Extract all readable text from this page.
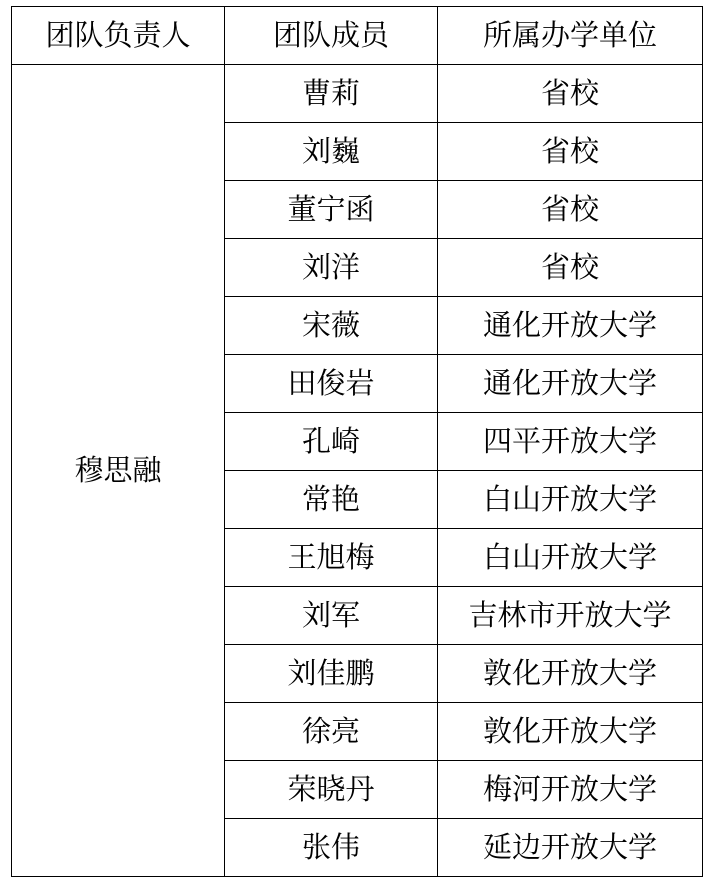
团队负责人	团队成员	所属办学单位
穆思融	曹莉	省校
	刘巍	省校
	董宁函	省校
	刘洋	省校
	宋薇	通化开放大学
	田俊岩	通化开放大学
	孔崎	四平开放大学
	常艳	白山开放大学
	王旭梅	白山开放大学
	刘军	吉林市开放大学
	刘佳鹏	敦化开放大学
	徐亮	敦化开放大学
	荣晓丹	梅河开放大学
	张伟	延边开放大学
